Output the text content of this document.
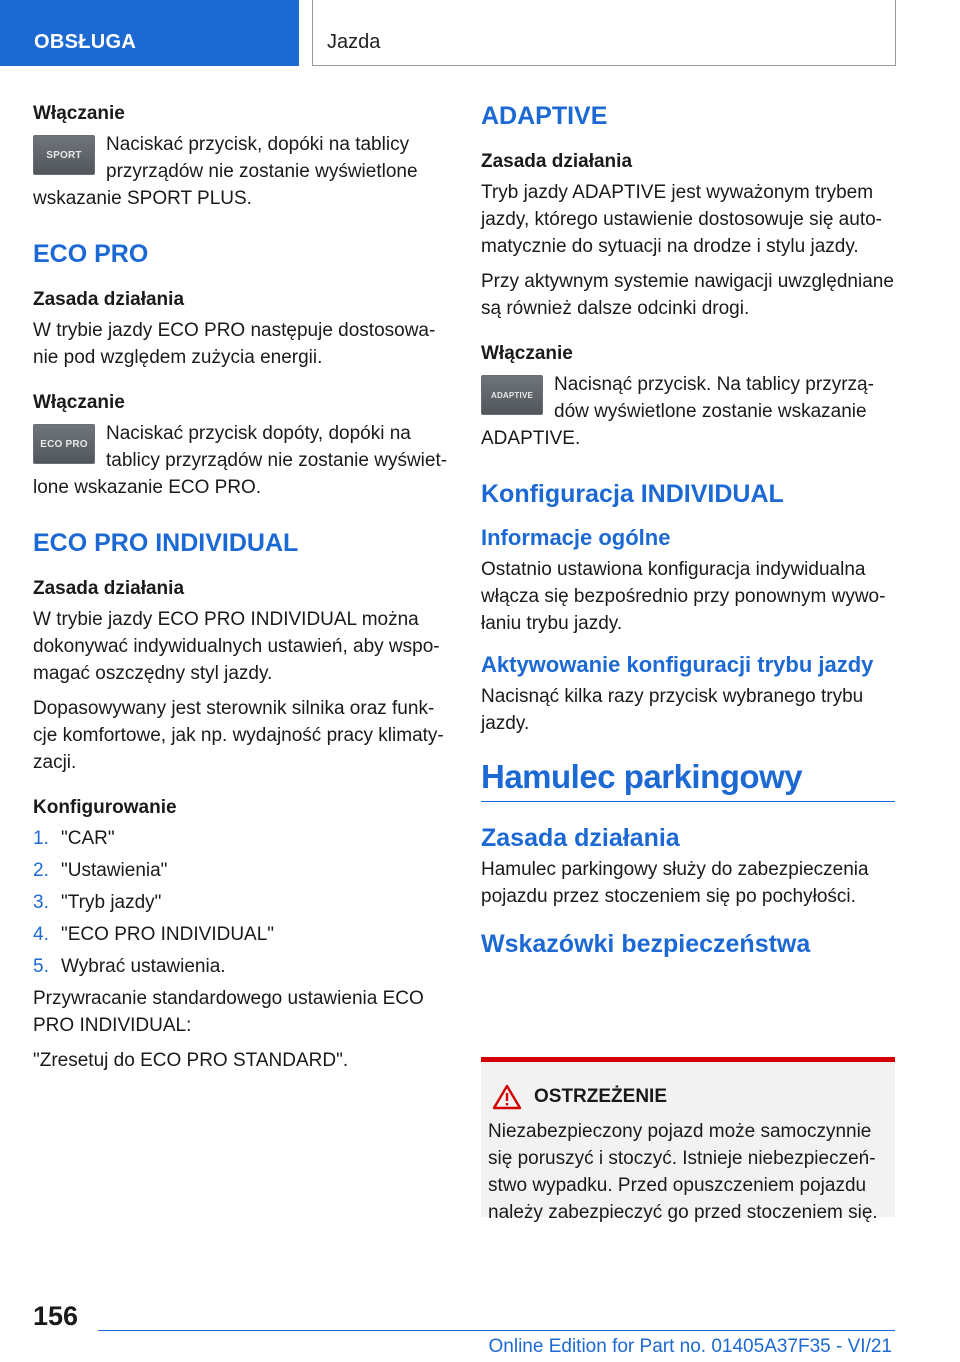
OBSŁUGA	Jazda
Włączanie
SPORT Naciskać przycisk, dopóki na tablicy przyrządów nie zostanie wyświetlone wskazanie SPORT PLUS.
ECO PRO
Zasada działania
W trybie jazdy ECO PRO następuje dostosowa- nie pod względem zużycia energii.
Włączanie
ECO PRO Naciskać przycisk dopóty, dopóki na tablicy przyrządów nie zostanie wyświet- lone wskazanie ECO PRO.
ECO PRO INDIVIDUAL
Zasada działania
W trybie jazdy ECO PRO INDIVIDUAL można dokonywać indywidualnych ustawień, aby wspo- magać oszczędny styl jazdy.
Dopasowywany jest sterownik silnika oraz funk- cje komfortowe, jak np. wydajność pracy klimaty- zacji.
Konfigurowanie
1. "CAR"
2. "Ustawienia"
3. "Tryb jazdy"
4. "ECO PRO INDIVIDUAL"
5. Wybrać ustawienia.
Przywracanie standardowego ustawienia ECO PRO INDIVIDUAL:
"Zresetuj do ECO PRO STANDARD".
ADAPTIVE
Zasada działania
Tryb jazdy ADAPTIVE jest wyważonym trybem jazdy, którego ustawienie dostosowuje się auto- matycznie do sytuacji na drodze i stylu jazdy.
Przy aktywnym systemie nawigacji uwzględniane są również dalsze odcinki drogi.
Włączanie
ADAPTIVE Nacisnąć przycisk. Na tablicy przyrzą- dów wyświetlone zostanie wskazanie ADAPTIVE.
Konfiguracja INDIVIDUAL
Informacje ogólne
Ostatnio ustawiona konfiguracja indywidualna włącza się bezpośrednio przy ponownym wywo- łaniu trybu jazdy.
Aktywowanie konfiguracji trybu jazdy
Nacisnąć kilka razy przycisk wybranego trybu jazdy.
Hamulec parkingowy
Zasada działania
Hamulec parkingowy służy do zabezpieczenia pojazdu przez stoczeniem się po pochyłości.
Wskazówki bezpieczeństwa
OSTRZEŻENIE
Niezabezpieczony pojazd może samoczynnie się poruszyć i stoczyć. Istnieje niebezpieczeń- stwo wypadku. Przed opuszczeniem pojazdu należy zabezpieczyć go przed stoczeniem się.
156
Online Edition for Part no. 01405A37F35 - VI/21
